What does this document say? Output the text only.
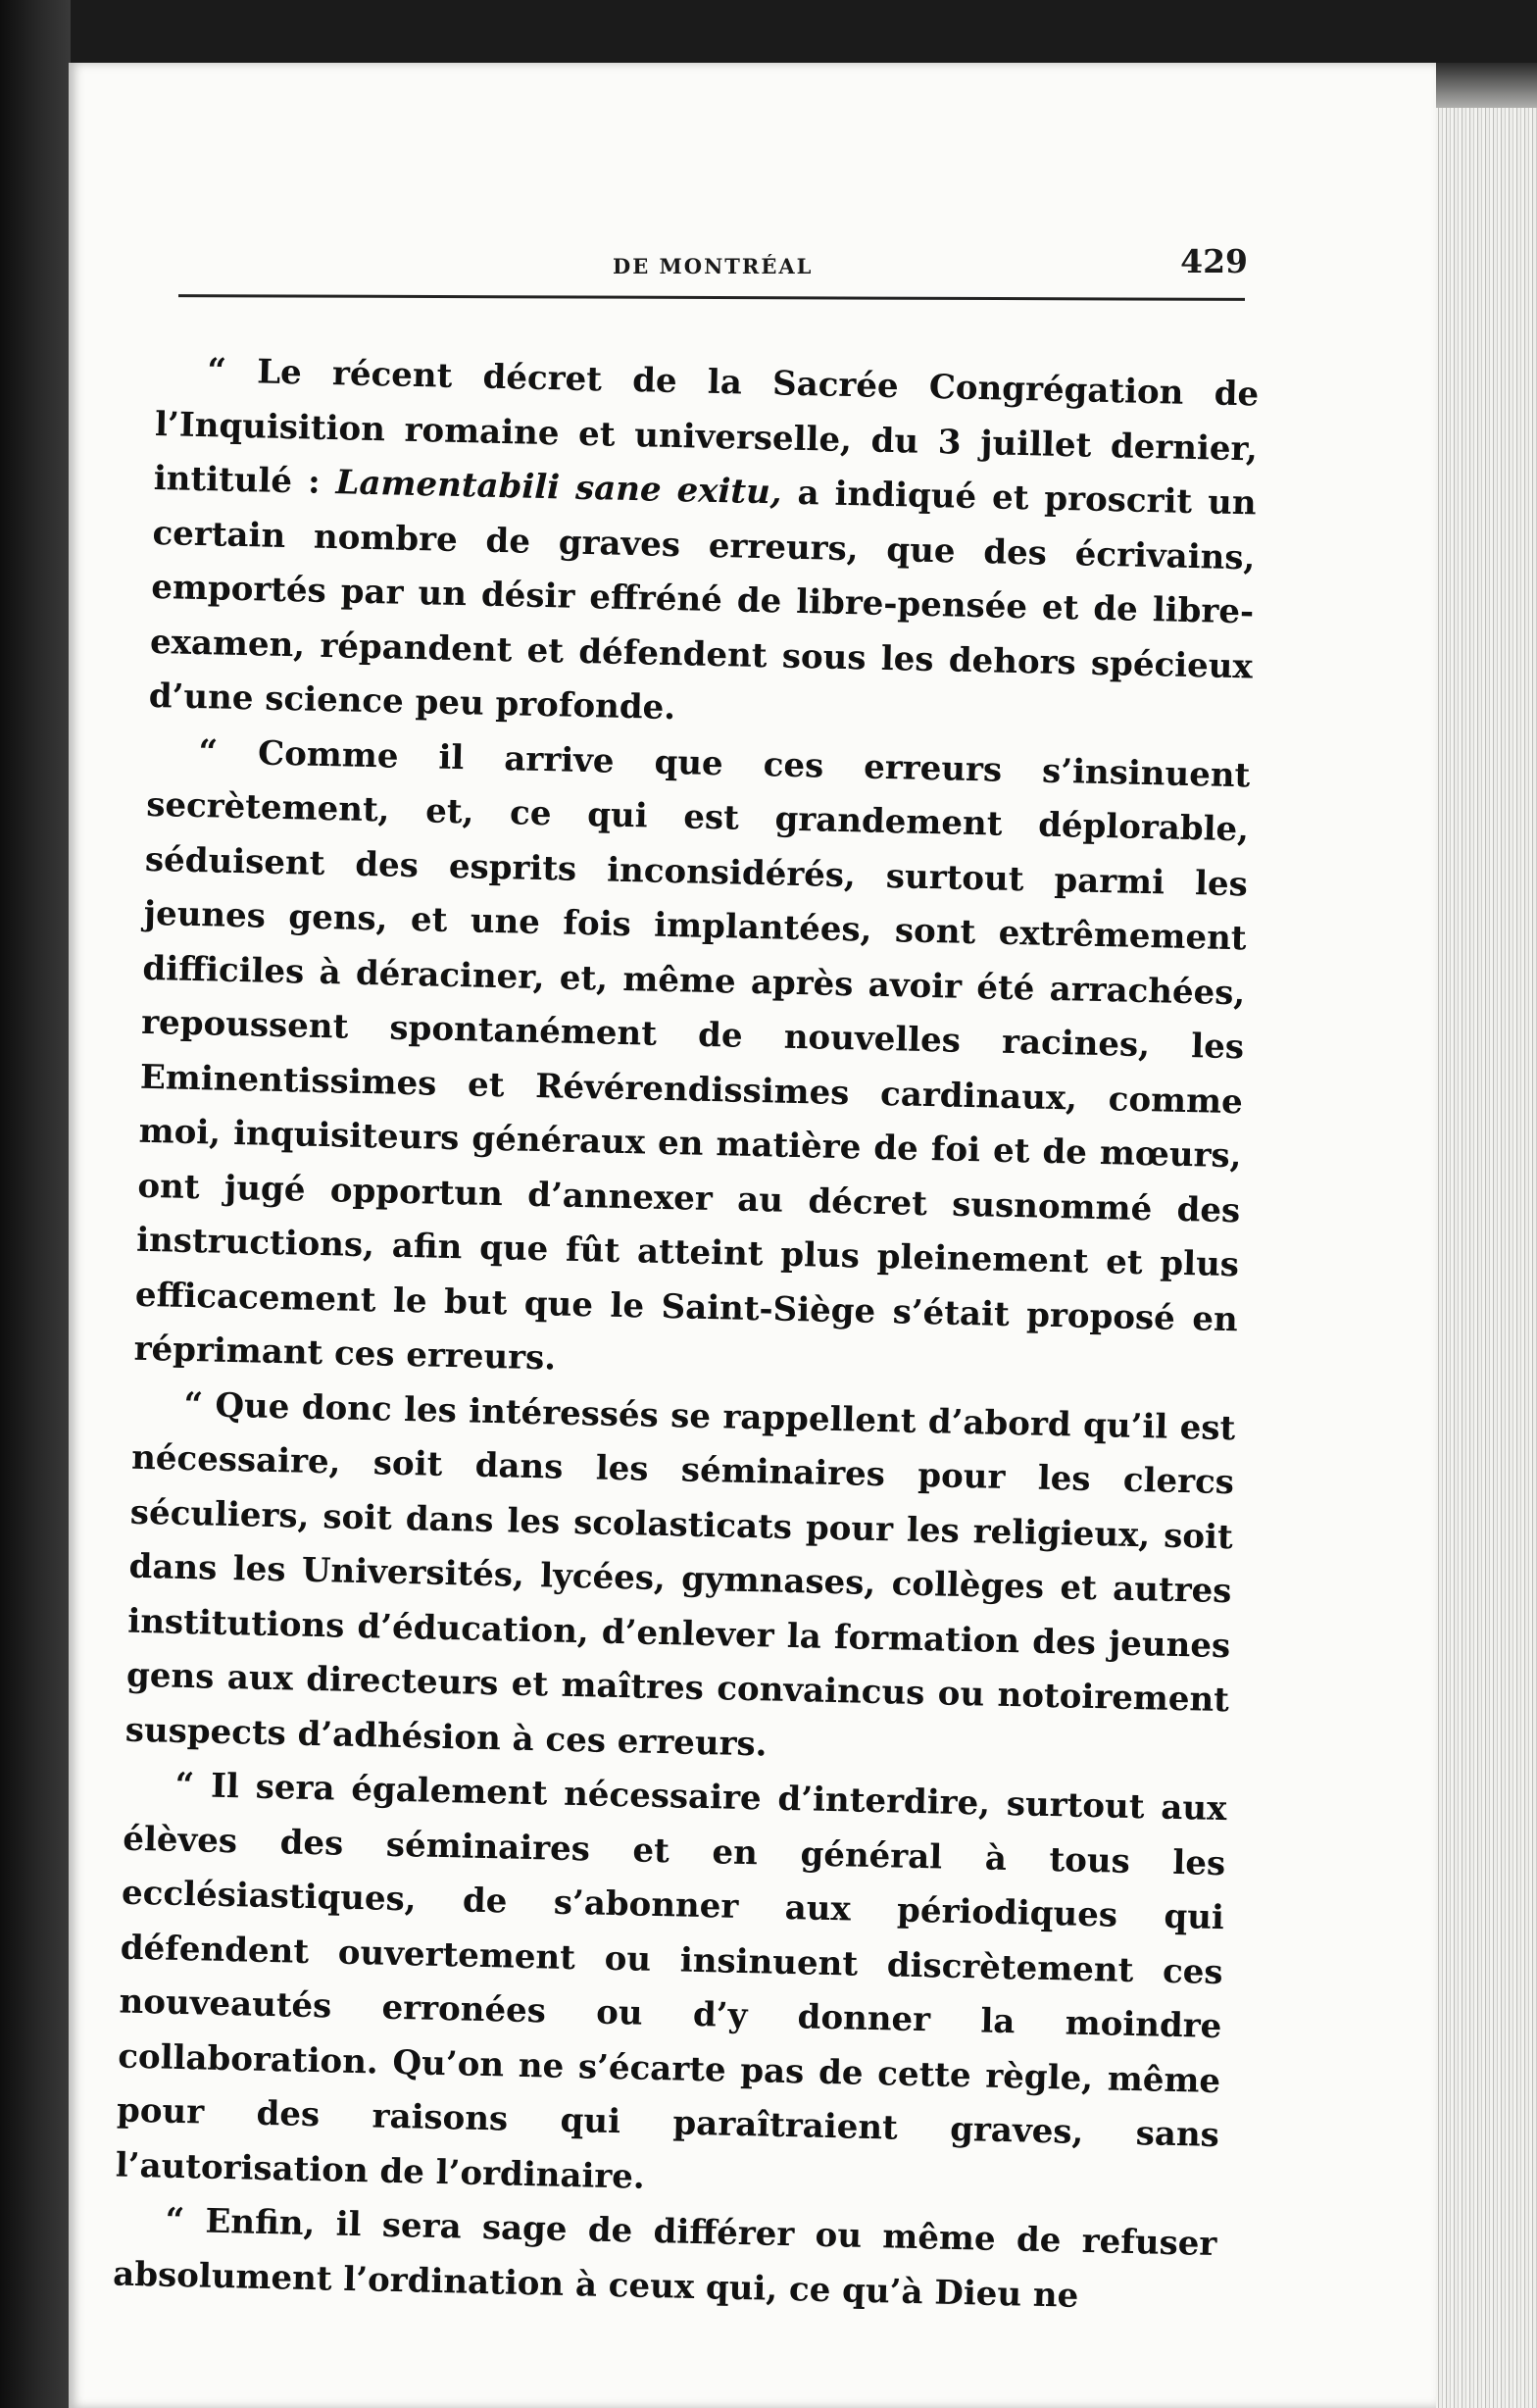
DE MONTRÉAL	429

“ Le récent décret de la Sacrée Congrégation de l’Inquisition romaine et universelle, du 3 juillet dernier, intitulé : Lamentabili sane exitu, a indiqué et proscrit un certain nombre de graves erreurs, que des écrivains, emportés par un désir effréné de libre-pensée et de libre-examen, répandent et défendent sous les dehors spécieux d’une science peu profonde.

“ Comme il arrive que ces erreurs s’insinuent secrètement, et, ce qui est grandement déplorable, séduisent des esprits inconsidérés, surtout parmi les jeunes gens, et une fois implantées, sont extrêmement difficiles à déraciner, et, même après avoir été arrachées, repoussent spontanément de nouvelles racines, les Eminentissimes et Révérendissimes cardinaux, comme moi, inquisiteurs généraux en matière de foi et de mœurs, ont jugé opportun d’annexer au décret susnommé des instructions, afin que fût atteint plus pleinement et plus efficacement le but que le Saint-Siège s’était proposé en réprimant ces erreurs.

“ Que donc les intéressés se rappellent d’abord qu’il est nécessaire, soit dans les séminaires pour les clercs séculiers, soit dans les scolasticats pour les religieux, soit dans les Universités, lycées, gymnases, collèges et autres institutions d’éducation, d’enlever la formation des jeunes gens aux directeurs et maîtres convaincus ou notoirement suspects d’adhésion à ces erreurs.

“ Il sera également nécessaire d’interdire, surtout aux élèves des séminaires et en général à tous les ecclésiastiques, de s’abonner aux périodiques qui défendent ouvertement ou insinuent discrètement ces nouveautés erronées ou d’y donner la moindre collaboration. Qu’on ne s’écarte pas de cette règle, même pour des raisons qui paraîtraient graves, sans l’autorisation de l’ordinaire.

“ Enfin, il sera sage de différer ou même de refuser absolument l’ordination à ceux qui, ce qu’à Dieu ne
